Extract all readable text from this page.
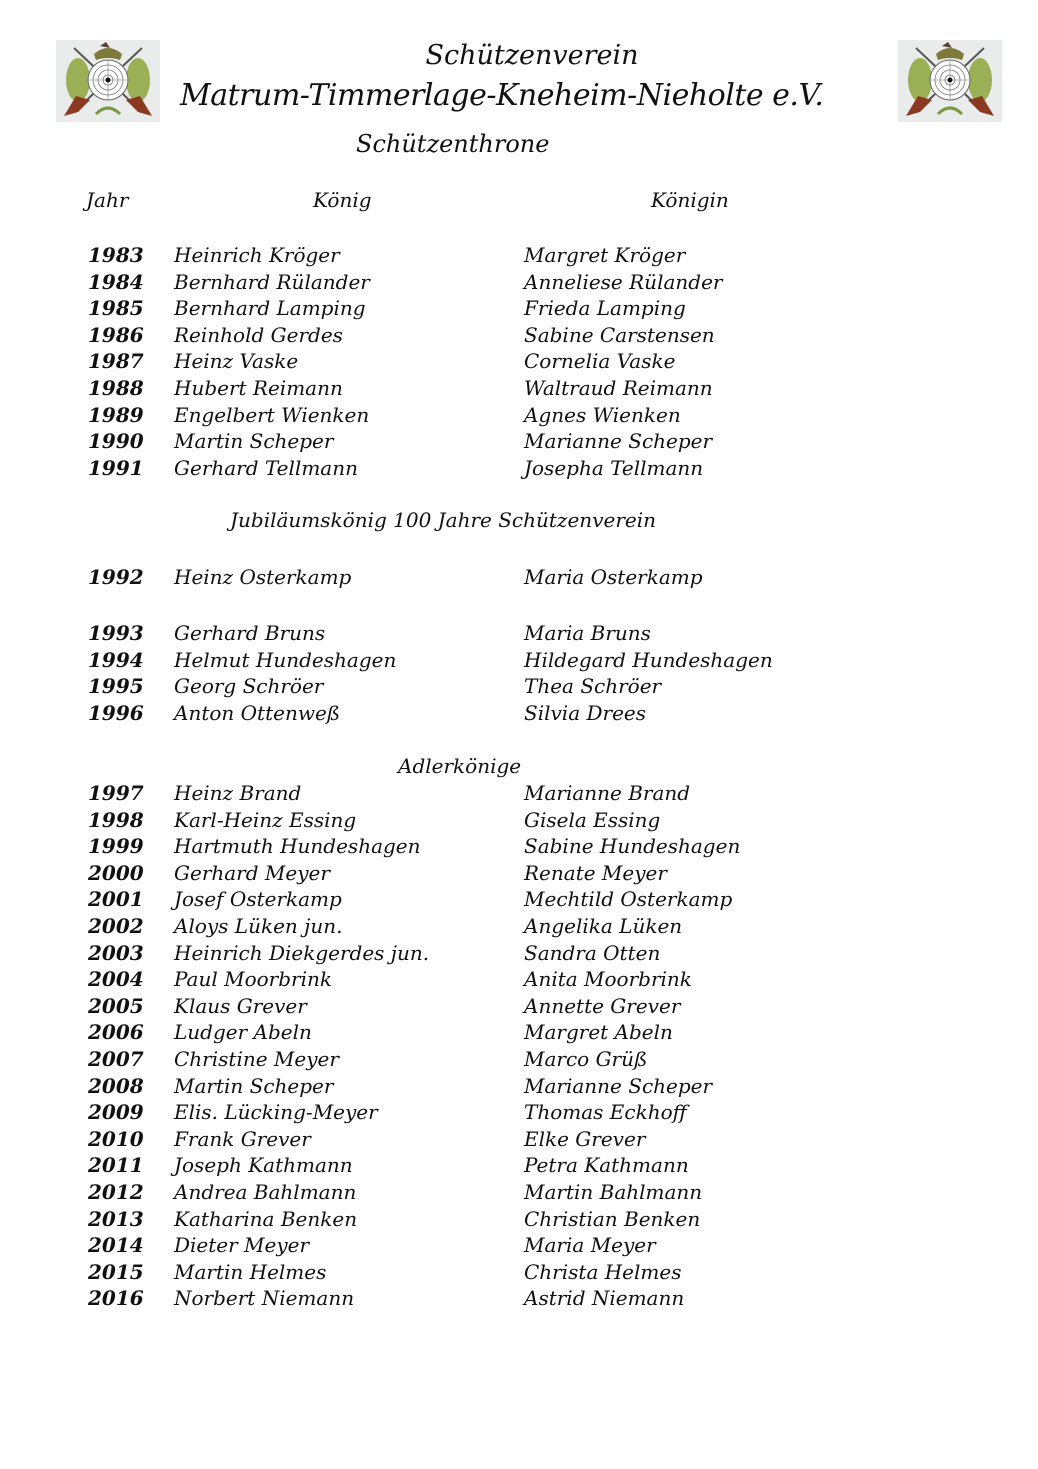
Schützenverein
Matrum-Timmerlage-Kneheim-Nieholte e.V.
Schützenthrone
Jahr	König	Königin
1983	Heinrich Kröger	Margret Kröger
1984	Bernhard Rülander	Anneliese Rülander
1985	Bernhard Lamping	Frieda Lamping
1986	Reinhold Gerdes	Sabine Carstensen
1987	Heinz Vaske	Cornelia Vaske
1988	Hubert Reimann	Waltraud Reimann
1989	Engelbert Wienken	Agnes Wienken
1990	Martin Scheper	Marianne Scheper
1991	Gerhard Tellmann	Josepha Tellmann
Jubiläumskönig 100 Jahre Schützenverein
1992	Heinz Osterkamp	Maria Osterkamp
1993	Gerhard Bruns	Maria Bruns
1994	Helmut Hundeshagen	Hildegard Hundeshagen
1995	Georg Schröer	Thea Schröer
1996	Anton Ottenweß	Silvia Drees
Adlerkönige
1997	Heinz Brand	Marianne Brand
1998	Karl-Heinz Essing	Gisela Essing
1999	Hartmuth Hundeshagen	Sabine Hundeshagen
2000	Gerhard Meyer	Renate Meyer
2001	Josef Osterkamp	Mechtild Osterkamp
2002	Aloys Lüken jun.	Angelika Lüken
2003	Heinrich Diekgerdes jun.	Sandra Otten
2004	Paul Moorbrink	Anita Moorbrink
2005	Klaus Grever	Annette Grever
2006	Ludger Abeln	Margret Abeln
2007	Christine Meyer	Marco Grüß
2008	Martin Scheper	Marianne Scheper
2009	Elis. Lücking-Meyer	Thomas Eckhoff
2010	Frank Grever	Elke Grever
2011	Joseph Kathmann	Petra Kathmann
2012	Andrea Bahlmann	Martin Bahlmann
2013	Katharina Benken	Christian Benken
2014	Dieter Meyer	Maria Meyer
2015	Martin Helmes	Christa Helmes
2016	Norbert Niemann	Astrid Niemann
